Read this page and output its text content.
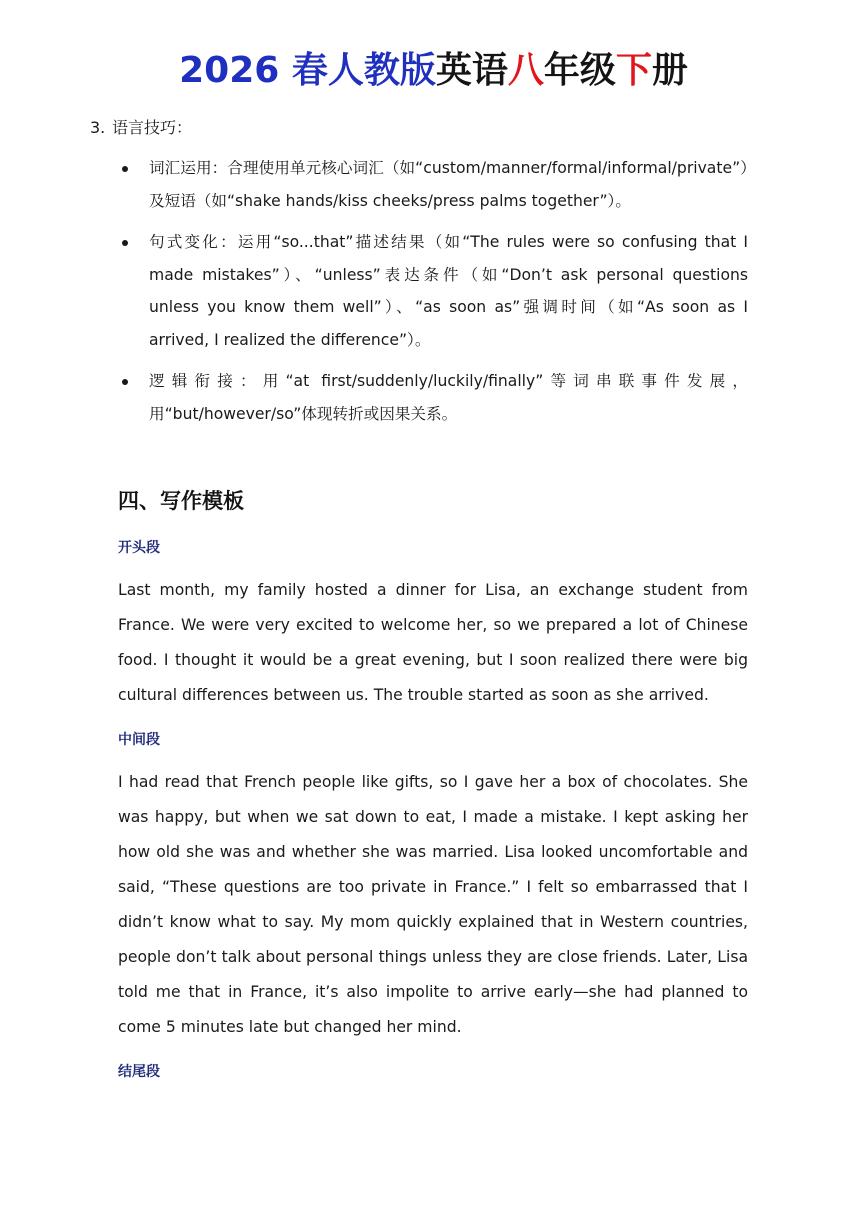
2026 春人教版英语八年级下册
3. 语言技巧：
词汇运用：合理使用单元核心词汇（如“custom/manner/formal/informal/private”）及短语（如“shake hands/kiss cheeks/press palms together”）。
句式变化：运用“so...that”描述结果（如“The rules were so confusing that I made mistakes”）、“unless”表达条件（如“Don’t ask personal questions unless you know them well”）、“as soon as”强调时间（如“As soon as I arrived, I realized the difference”）。
逻辑衔接：用“at first/suddenly/luckily/finally”等词串联事件发展，用“but/however/so”体现转折或因果关系。
四、写作模板
开头段

Last month, my family hosted a dinner for Lisa, an exchange student from France. We were very excited to welcome her, so we prepared a lot of Chinese food. I thought it would be a great evening, but I soon realized there were big cultural differences between us. The trouble started as soon as she arrived.

中间段

I had read that French people like gifts, so I gave her a box of chocolates. She was happy, but when we sat down to eat, I made a mistake. I kept asking her how old she was and whether she was married. Lisa looked uncomfortable and said, “These questions are too private in France.” I felt so embarrassed that I didn’t know what to say. My mom quickly explained that in Western countries, people don’t talk about personal things unless they are close friends. Later, Lisa told me that in France, it’s also impolite to arrive early—she had planned to come 5 minutes late but changed her mind.

结尾段
